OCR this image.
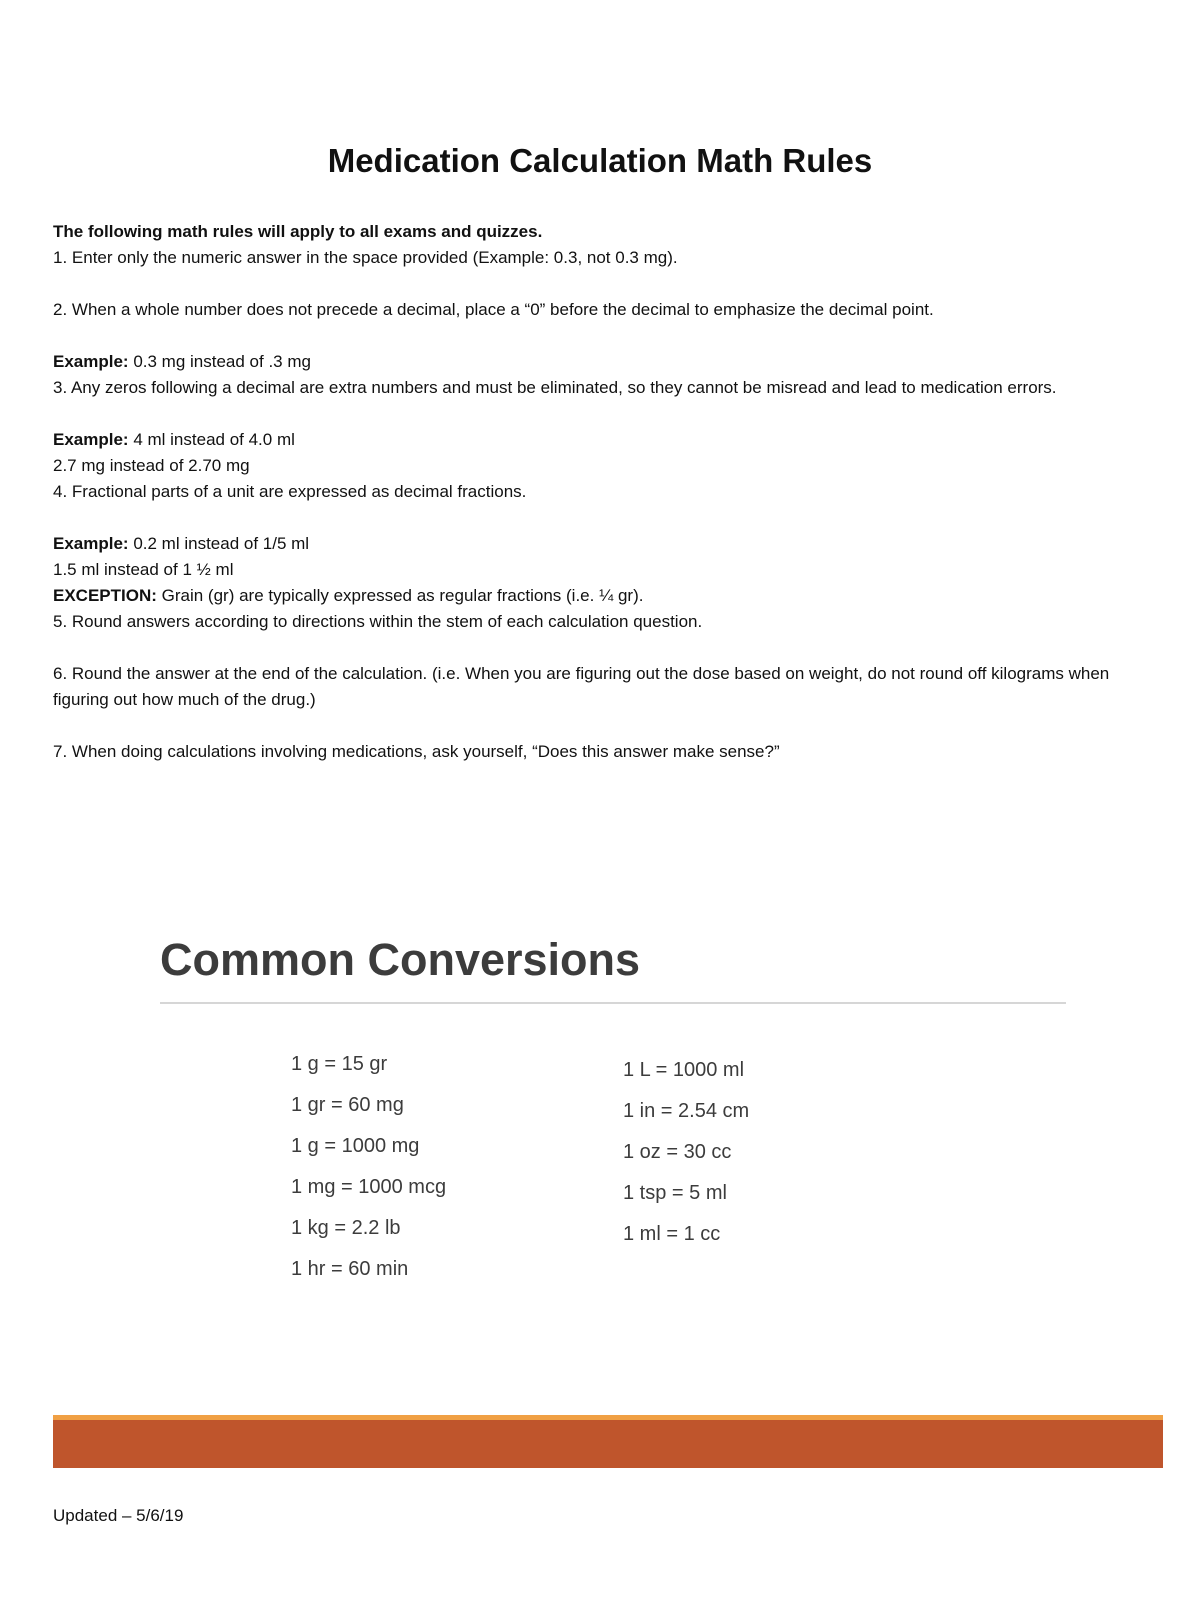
Medication Calculation Math Rules

The following math rules will apply to all exams and quizzes.

1. Enter only the numeric answer in the space provided (Example: 0.3, not 0.3 mg).

2. When a whole number does not precede a decimal, place a “0” before the decimal to emphasize the decimal point.

Example: 0.3 mg instead of .3 mg

3. Any zeros following a decimal are extra numbers and must be eliminated, so they cannot be misread and lead to medication errors.

Example: 4 ml instead of 4.0 ml

2.7 mg instead of 2.70 mg

4. Fractional parts of a unit are expressed as decimal fractions.

Example: 0.2 ml instead of 1/5 ml

1.5 ml instead of 1 ½ ml

EXCEPTION: Grain (gr) are typically expressed as regular fractions (i.e. ¼ gr).

5. Round answers according to directions within the stem of each calculation question.

6. Round the answer at the end of the calculation. (i.e. When you are figuring out the dose based on weight, do not round off kilograms when figuring out how much of the drug.)

7. When doing calculations involving medications, ask yourself, “Does this answer make sense?”

Common Conversions
1 g = 15 gr
1 gr = 60 mg
1 g = 1000 mg
1 mg = 1000 mcg
1 kg = 2.2 lb
1 hr = 60 min
1 L = 1000 ml
1 in = 2.54 cm
1 oz = 30 cc
1 tsp = 5 ml
1 ml = 1 cc

Updated – 5/6/19
